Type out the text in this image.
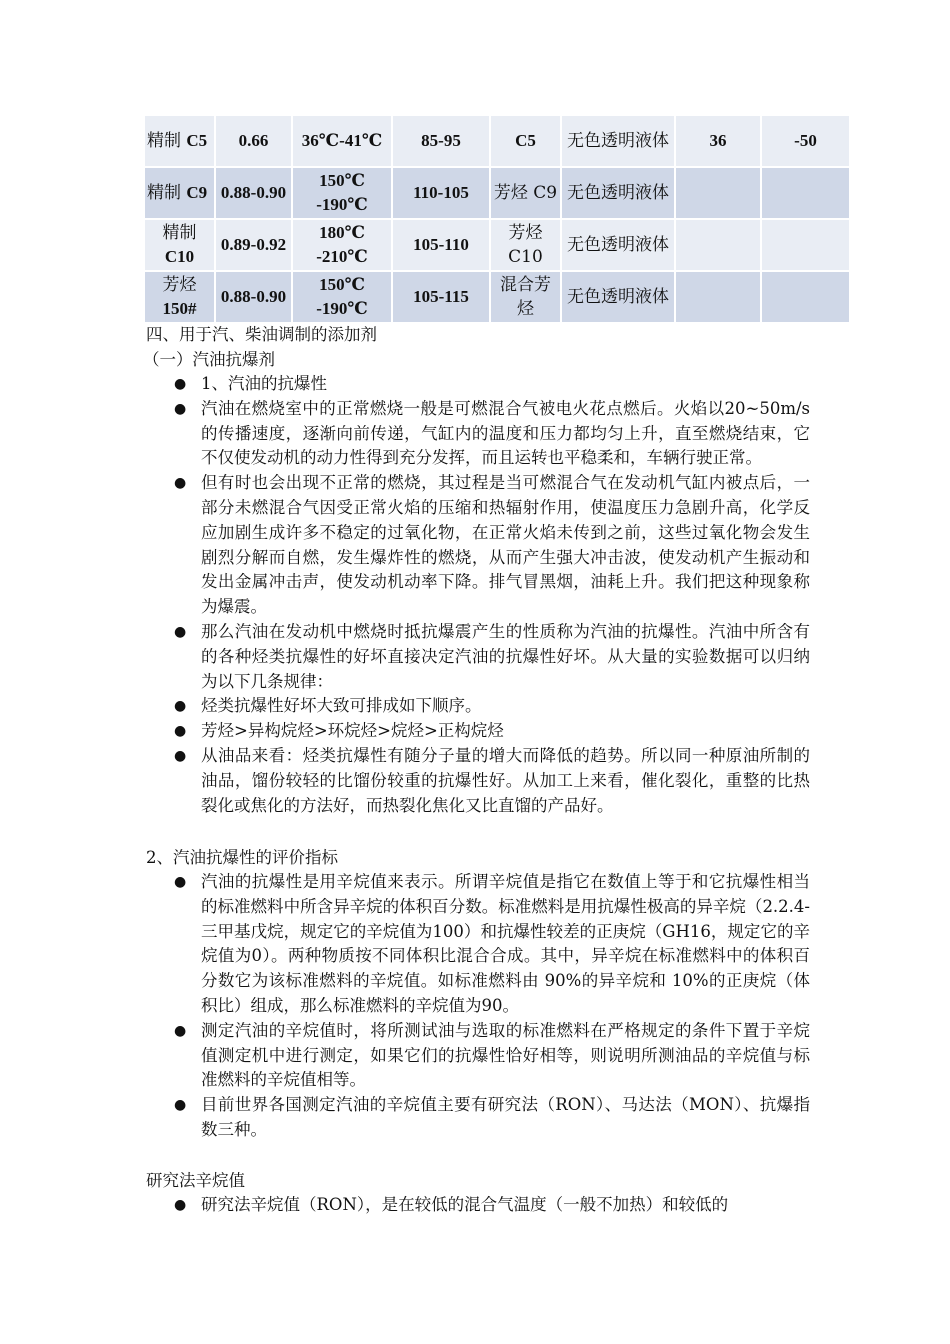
精制 C5	0.66	36℃-41℃	85-95	C5	无色透明液体	36	-50
精制 C9	0.88-0.90	150℃ -190℃	110-105	芳烃 C9	无色透明液体		
精制 C10	0.89-0.92	180℃ -210℃	105-110	芳烃 C10	无色透明液体		
芳烃 150#	0.88-0.90	150℃ -190℃	105-115	混合芳烃	无色透明液体		
四、用于汽、柴油调制的添加剂
（一）汽油抗爆剂
● 1、汽油的抗爆性
● 汽油在燃烧室中的正常燃烧一般是可燃混合气被电火花点燃后。火焰以20~50m/s的传播速度，逐渐向前传递，气缸内的温度和压力都均匀上升，直至燃烧结束，它不仅使发动机的动力性得到充分发挥，而且运转也平稳柔和，车辆行驶正常。
● 但有时也会出现不正常的燃烧，其过程是当可燃混合气在发动机气缸内被点后，一部分未燃混合气因受正常火焰的压缩和热辐射作用，使温度压力急剧升高，化学反应加剧生成许多不稳定的过氧化物，在正常火焰未传到之前，这些过氧化物会发生剧烈分解而自燃，发生爆炸性的燃烧，从而产生强大冲击波，使发动机产生振动和发出金属冲击声，使发动机动率下降。排气冒黑烟，油耗上升。我们把这种现象称为爆震。
● 那么汽油在发动机中燃烧时抵抗爆震产生的性质称为汽油的抗爆性。汽油中所含有的各种烃类抗爆性的好坏直接决定汽油的抗爆性好坏。从大量的实验数据可以归纳为以下几条规律：
● 烃类抗爆性好坏大致可排成如下顺序。
● 芳烃>异构烷烃>环烷烃>烷烃>正构烷烃
● 从油品来看：烃类抗爆性有随分子量的增大而降低的趋势。所以同一种原油所制的油品，馏份较轻的比馏份较重的抗爆性好。从加工上来看，催化裂化，重整的比热裂化或焦化的方法好，而热裂化焦化又比直馏的产品好。
2、汽油抗爆性的评价指标
● 汽油的抗爆性是用辛烷值来表示。所谓辛烷值是指它在数值上等于和它抗爆性相当的标准燃料中所含异辛烷的体积百分数。标准燃料是用抗爆性极高的异辛烷（2.2.4-三甲基戊烷，规定它的辛烷值为100）和抗爆性较差的正庚烷（GH16，规定它的辛烷值为0）。两种物质按不同体积比混合合成。其中，异辛烷在标准燃料中的体积百分数它为该标准燃料的辛烷值。如标准燃料由 90%的异辛烷和 10%的正庚烷（体积比）组成，那么标准燃料的辛烷值为90。
● 测定汽油的辛烷值时，将所测试油与选取的标准燃料在严格规定的条件下置于辛烷值测定机中进行测定，如果它们的抗爆性恰好相等，则说明所测油品的辛烷值与标准燃料的辛烷值相等。
● 目前世界各国测定汽油的辛烷值主要有研究法（RON）、马达法（MON）、抗爆指数三种。
研究法辛烷值
● 研究法辛烷值（RON），是在较低的混合气温度（一般不加热）和较低的
